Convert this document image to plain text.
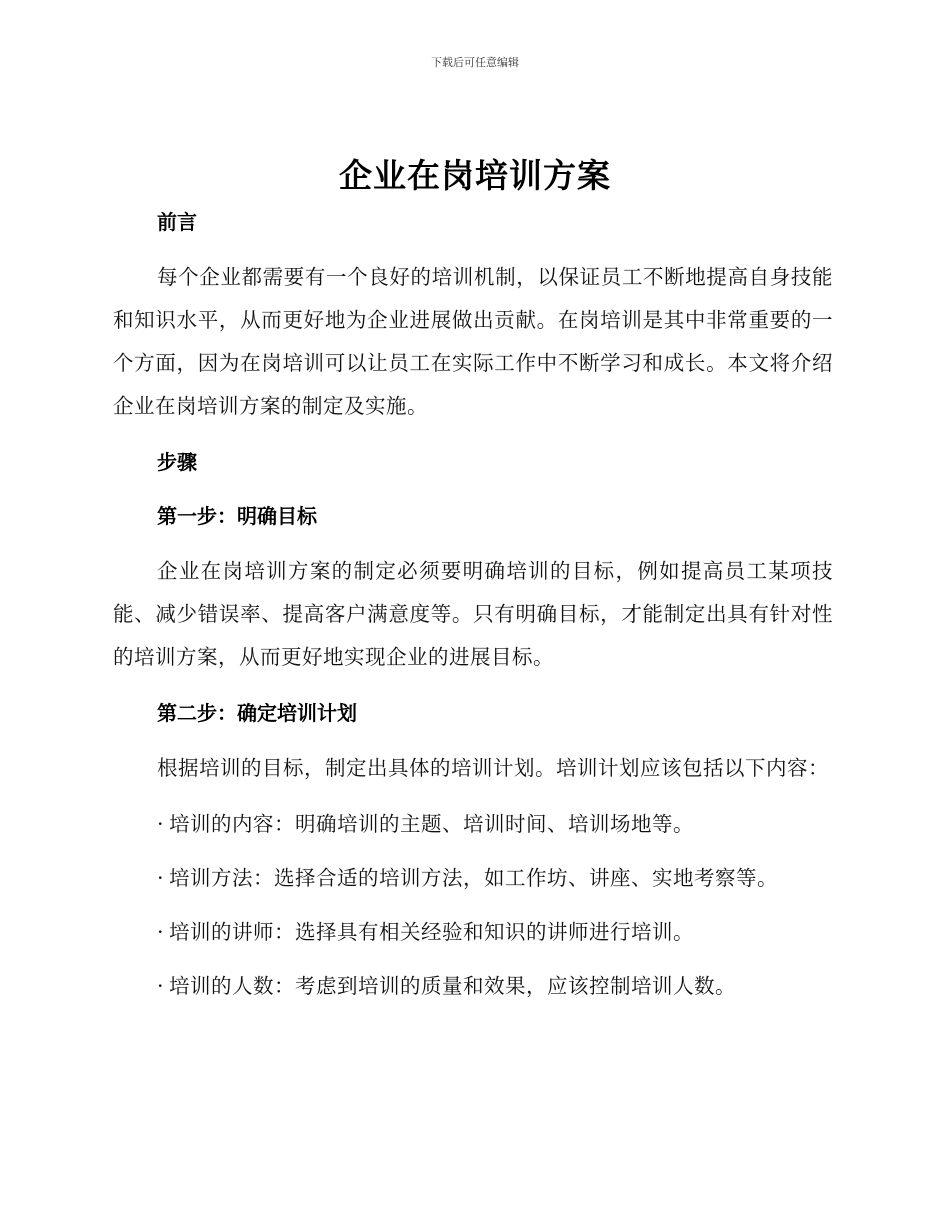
下载后可任意编辑
企业在岗培训方案

前言

每个企业都需要有一个良好的培训机制，以保证员工不断地提高自身技能和知识水平，从而更好地为企业进展做出贡献。在岗培训是其中非常重要的一个方面，因为在岗培训可以让员工在实际工作中不断学习和成长。本文将介绍企业在岗培训方案的制定及实施。

步骤

第一步：明确目标

企业在岗培训方案的制定必须要明确培训的目标，例如提高员工某项技能、减少错误率、提高客户满意度等。只有明确目标，才能制定出具有针对性的培训方案，从而更好地实现企业的进展目标。

第二步：确定培训计划

根据培训的目标，制定出具体的培训计划。培训计划应该包括以下内容：

· 培训的内容：明确培训的主题、培训时间、培训场地等。

· 培训方法：选择合适的培训方法，如工作坊、讲座、实地考察等。

· 培训的讲师：选择具有相关经验和知识的讲师进行培训。

· 培训的人数：考虑到培训的质量和效果，应该控制培训人数。
